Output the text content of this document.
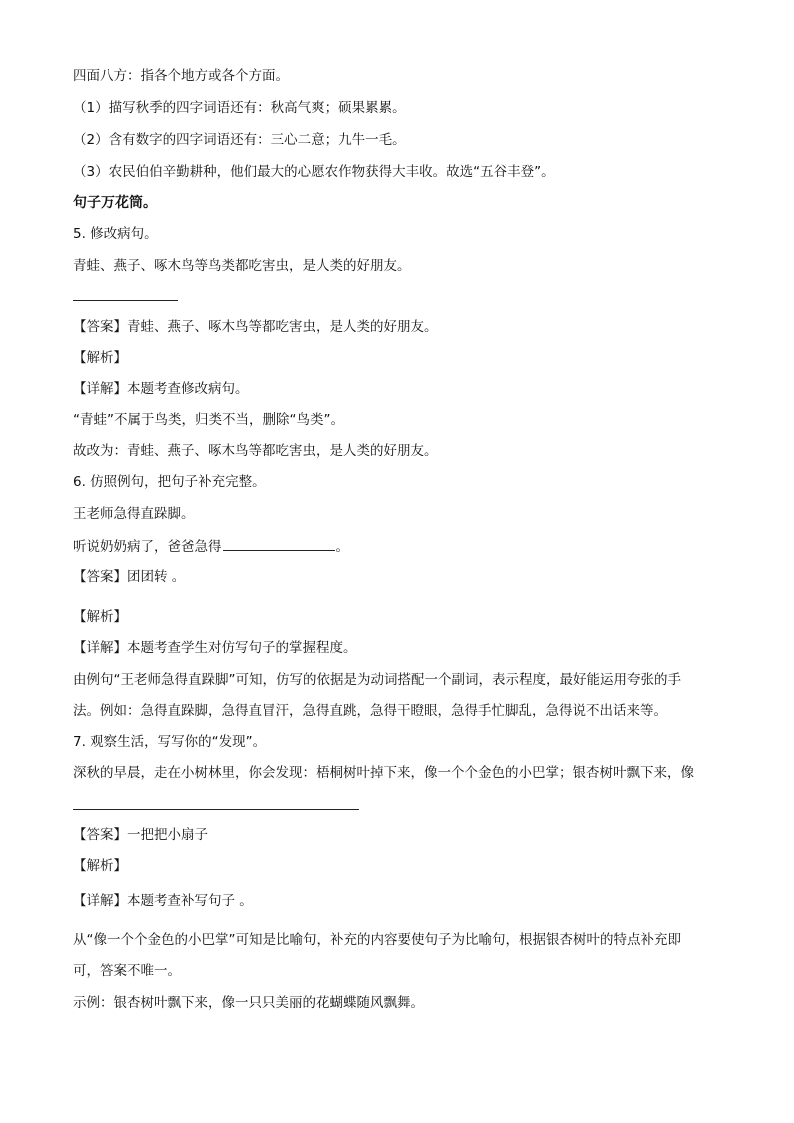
四面八方：指各个地方或各个方面。
（1）描写秋季的四字词语还有：秋高气爽；硕果累累。
（2）含有数字的四字词语还有：三心二意；九牛一毛。
（3）农民伯伯辛勤耕种，他们最大的心愿农作物获得大丰收。故选“五谷丰登”。
句子万花筒。
5. 修改病句。
青蛙、燕子、啄木鸟等鸟类都吃害虫，是人类的好朋友。
【答案】青蛙、燕子、啄木鸟等都吃害虫，是人类的好朋友。
【解析】
【详解】本题考查修改病句。
“青蛙”不属于鸟类，归类不当，删除“鸟类”。
故改为：青蛙、燕子、啄木鸟等都吃害虫，是人类的好朋友。
6. 仿照例句，把句子补充完整。
王老师急得直跺脚。
听说奶奶病了，爸爸急得	。
【答案】团团转 。
【解析】
【详解】本题考查学生对仿写句子的掌握程度。
由例句“王老师急得直跺脚”可知，仿写的依据是为动词搭配一个副词，表示程度，最好能运用夸张的手
法。例如：急得直跺脚，急得直冒汗，急得直跳，急得干瞪眼，急得手忙脚乱，急得说不出话来等。
7. 观察生活，写写你的“发现”。
深秋的早晨，走在小树林里，你会发现：梧桐树叶掉下来，像一个个金色的小巴掌；银杏树叶飘下来，像
【答案】一把把小扇子
【解析】
【详解】本题考查补写句子 。
从“像一个个金色的小巴掌”可知是比喻句，补充的内容要使句子为比喻句，根据银杏树叶的特点补充即
可，答案不唯一。
示例：银杏树叶飘下来，像一只只美丽的花蝴蝶随风飘舞。
